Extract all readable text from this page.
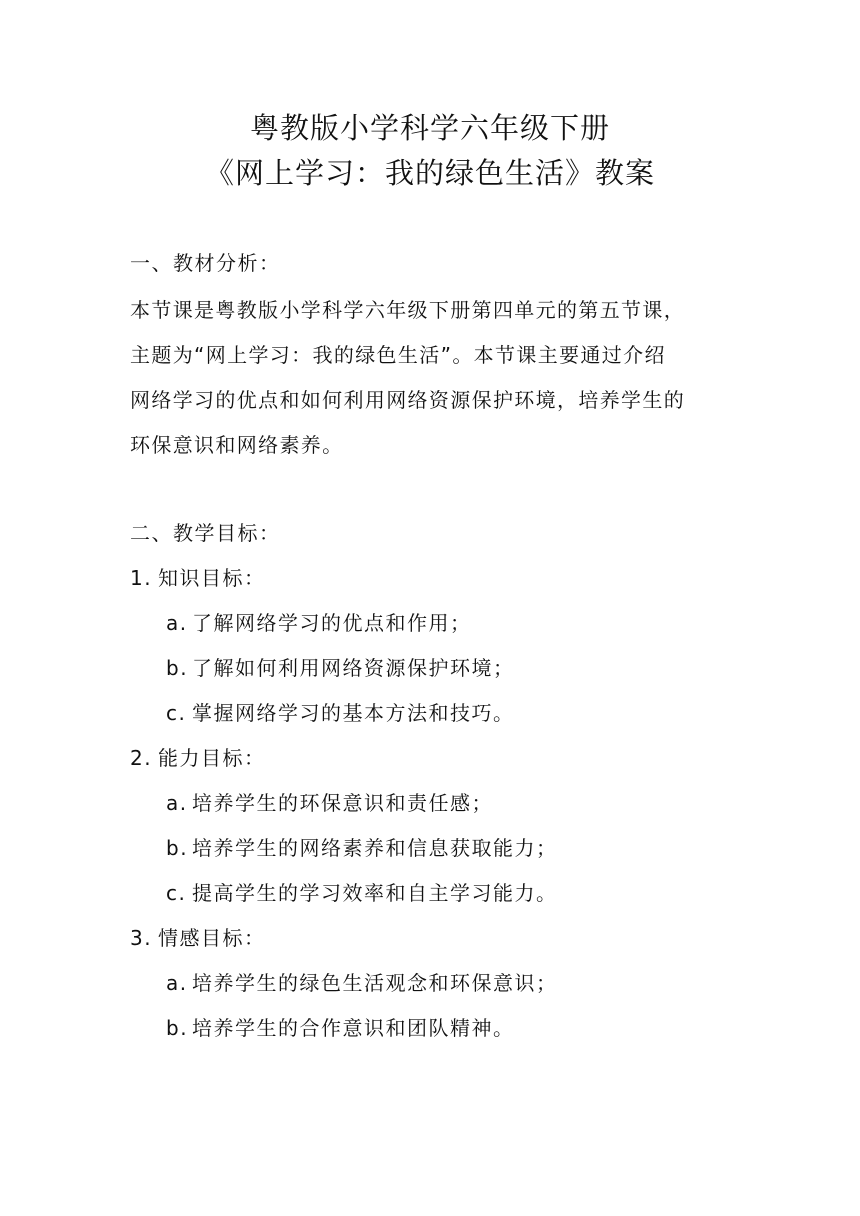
粤教版小学科学六年级下册
《网上学习：我的绿色生活》教案
一、教材分析：
本节课是粤教版小学科学六年级下册第四单元的第五节课，
主题为“网上学习：我的绿色生活”。本节课主要通过介绍
网络学习的优点和如何利用网络资源保护环境，培养学生的
环保意识和网络素养。
二、教学目标：
1. 知识目标：
a. 了解网络学习的优点和作用；
b. 了解如何利用网络资源保护环境；
c. 掌握网络学习的基本方法和技巧。
2. 能力目标：
a. 培养学生的环保意识和责任感；
b. 培养学生的网络素养和信息获取能力；
c. 提高学生的学习效率和自主学习能力。
3. 情感目标：
a. 培养学生的绿色生活观念和环保意识；
b. 培养学生的合作意识和团队精神。
